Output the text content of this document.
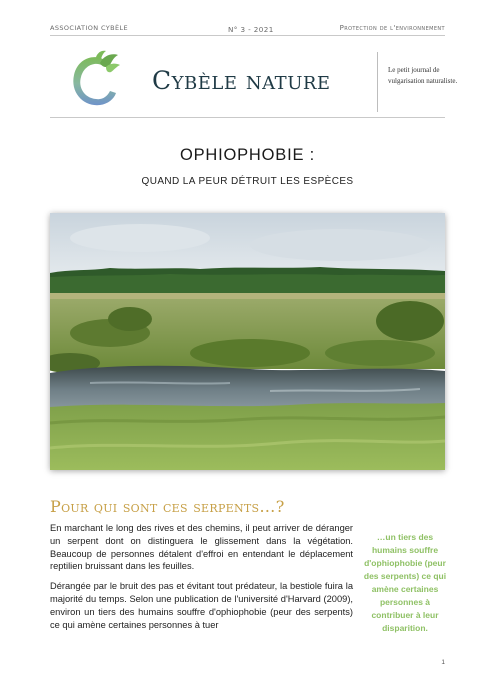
ASSOCIATION CYBÈLE	N° 3 - 2021	Protection de l'environnement
Cybèle nature	Le petit journal de vulgarisation naturaliste.
OPHIOPHOBIE :
QUAND LA PEUR DÉTRUIT LES ESPÈCES
Pour qui sont ces serpents…?

En marchant le long des rives et des chemins, il peut arriver de déranger un serpent dont on distinguera le glissement dans la végétation. Beaucoup de personnes détalent d'effroi en entendant le déplacement reptilien bruissant dans les feuilles.

Dérangée par le bruit des pas et évitant tout prédateur, la bestiole fuira la majorité du temps. Selon une publication de l'université d'Harvard (2009), environ un tiers des humains souffre d'ophiophobie (peur des serpents) ce qui amène certaines personnes à tuer

…un tiers des humains souffre d'ophiophobie (peur des serpents) ce qui amène certaines personnes à contribuer à leur disparition.
1
